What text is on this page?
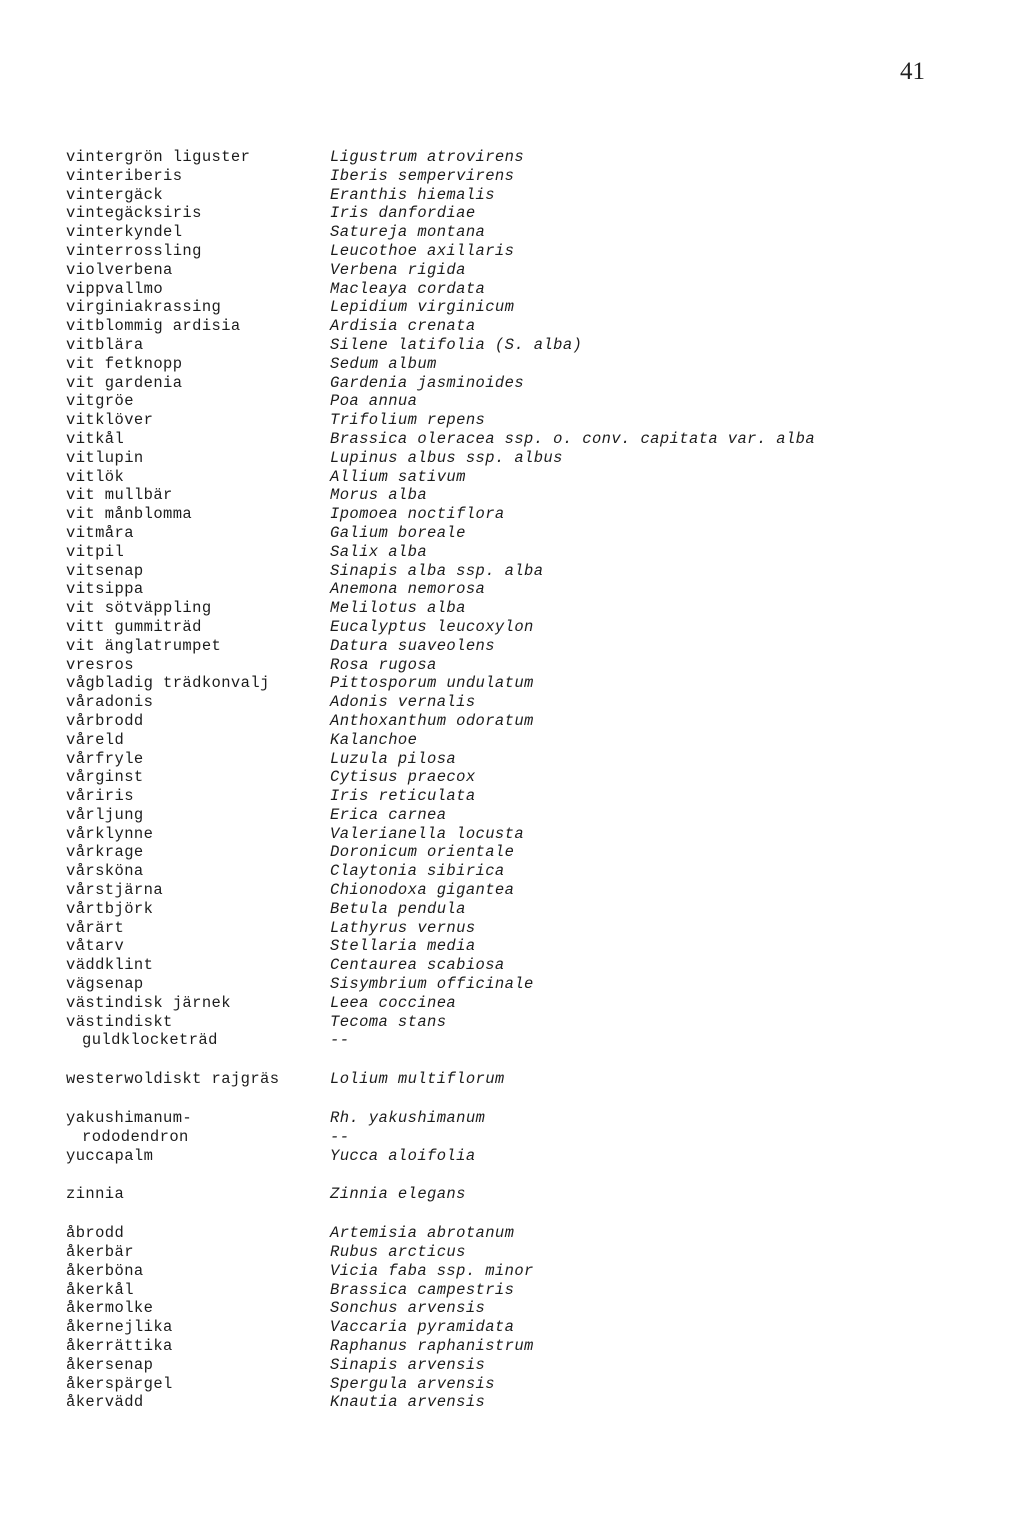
41
vintergrön liguster	Ligustrum atrovirens
vinteriberis	Iberis sempervirens
vintergäck	Eranthis hiemalis
vintegäcksiris	Iris danfordiae
vinterkyndel	Satureja montana
vinterrossling	Leucothoe axillaris
violverbena	Verbena rigida
vippvallmo	Macleaya cordata
virginiakrassing	Lepidium virginicum
vitblommig ardisia	Ardisia crenata
vitblära	Silene latifolia (S. alba)
vit fetknopp	Sedum album
vit gardenia	Gardenia jasminoides
vitgröe	Poa annua
vitklöver	Trifolium repens
vitkål	Brassica oleracea ssp. o. conv. capitata var. alba
vitlupin	Lupinus albus ssp. albus
vitlök	Allium sativum
vit mullbär	Morus alba
vit månblomma	Ipomoea noctiflora
vitmåra	Galium boreale
vitpil	Salix alba
vitsenap	Sinapis alba ssp. alba
vitsippa	Anemona nemorosa
vit sötväppling	Melilotus alba
vitt gummiträd	Eucalyptus leucoxylon
vit änglatrumpet	Datura suaveolens
vresros	Rosa rugosa
vågbladig trädkonvalj	Pittosporum undulatum
våradonis	Adonis vernalis
vårbrodd	Anthoxanthum odoratum
våreld	Kalanchoe
vårfryle	Luzula pilosa
vårginst	Cytisus praecox
våriris	Iris reticulata
vårljung	Erica carnea
vårklynne	Valerianella locusta
vårkrage	Doronicum orientale
vårsköna	Claytonia sibirica
vårstjärna	Chionodoxa gigantea
vårtbjörk	Betula pendula
vårärt	Lathyrus vernus
våtarv	Stellaria media
väddklint	Centaurea scabiosa
vägsenap	Sisymbrium officinale
västindisk järnek	Leea coccinea
västindiskt	Tecoma stans
guldklocketräd	--
westerwoldiskt rajgräs	Lolium multiflorum
yakushimanum-	Rh. yakushimanum
rododendron	--
yuccapalm	Yucca aloifolia
zinnia	Zinnia elegans
åbrodd	Artemisia abrotanum
åkerbär	Rubus arcticus
åkerböna	Vicia faba ssp. minor
åkerkål	Brassica campestris
åkermolke	Sonchus arvensis
åkernejlika	Vaccaria pyramidata
åkerrättika	Raphanus raphanistrum
åkersenap	Sinapis arvensis
åkerspärgel	Spergula arvensis
åkervädd	Knautia arvensis
